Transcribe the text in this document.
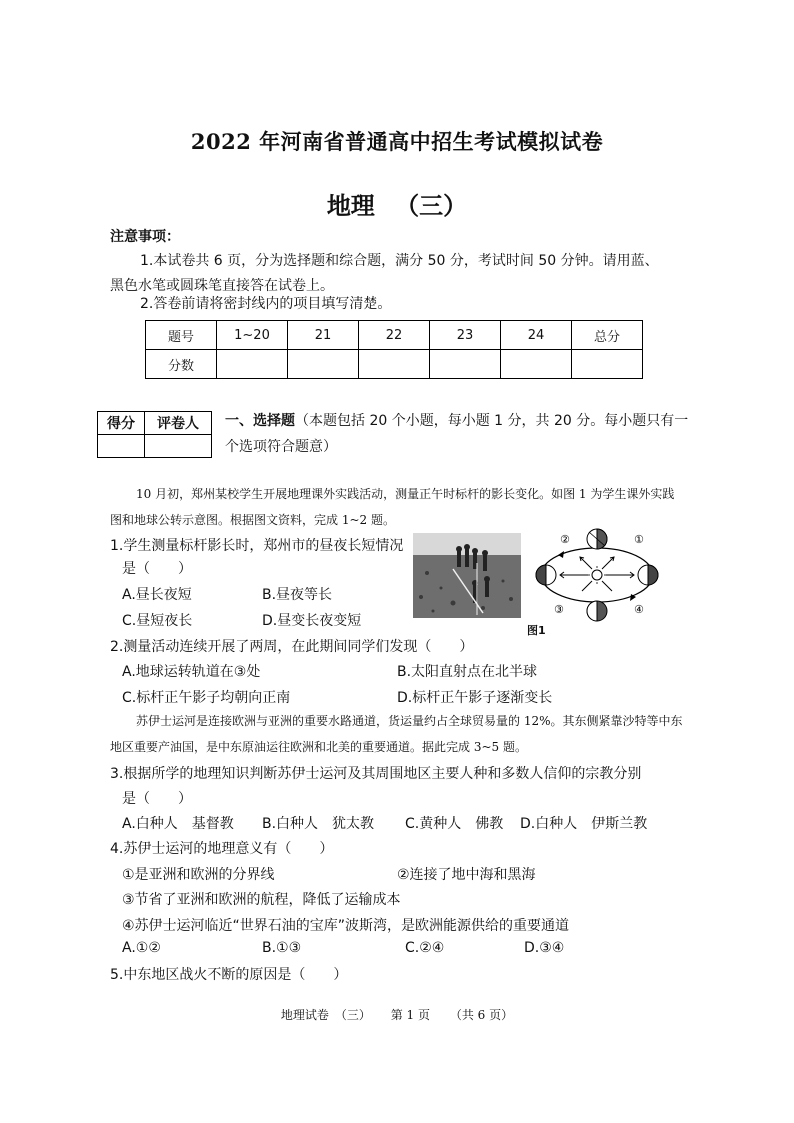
2022 年河南省普通高中招生考试模拟试卷
地理 （三）
注意事项：
1.本试卷共 6 页，分为选择题和综合题，满分 50 分，考试时间 50 分钟。请用蓝、黑色水笔或圆珠笔直接答在试卷上。
2.答卷前请将密封线内的项目填写清楚。
题号	1~20	21	22	23	24	总分
分数						
得分	评卷人
	一、选择题（本题包括 20 个小题，每小题 1 分，共 20 分。每小题只有一个选项符合题意）
10 月初，郑州某校学生开展地理课外实践活动，测量正午时标杆的影长变化。如图 1 为学生课外实践图和地球公转示意图。根据图文资料，完成 1~2 题。
1.学生测量标杆影长时，郑州市的昼夜长短情况
是（　　）
A.昼长夜短	B.昼夜等长
C.昼短夜长	D.昼变长夜变短
②	①
③	④
图1
2.测量活动连续开展了两周，在此期间同学们发现（　　）
A.地球运转轨道在③处	B.太阳直射点在北半球
C.标杆正午影子均朝向正南	D.标杆正午影子逐渐变长
苏伊士运河是连接欧洲与亚洲的重要水路通道，货运量约占全球贸易量的 12%。其东侧紧靠沙特等中东地区重要产油国，是中东原油运往欧洲和北美的重要通道。据此完成 3~5 题。
3.根据所学的地理知识判断苏伊士运河及其周围地区主要人种和多数人信仰的宗教分别
是（　　）
A.白种人　基督教 B.白种人　犹太教 C.黄种人　佛教 D.白种人　伊斯兰教
4.苏伊士运河的地理意义有（　　）
①是亚洲和欧洲的分界线	②连接了地中海和黑海
③节省了亚洲和欧洲的航程，降低了运输成本
④苏伊士运河临近“世界石油的宝库”波斯湾，是欧洲能源供给的重要通道
A.①②	B.①③	C.②④	D.③④
5.中东地区战火不断的原因是（　　）
地理试卷　（三） 第 1 页 （共 6 页）
